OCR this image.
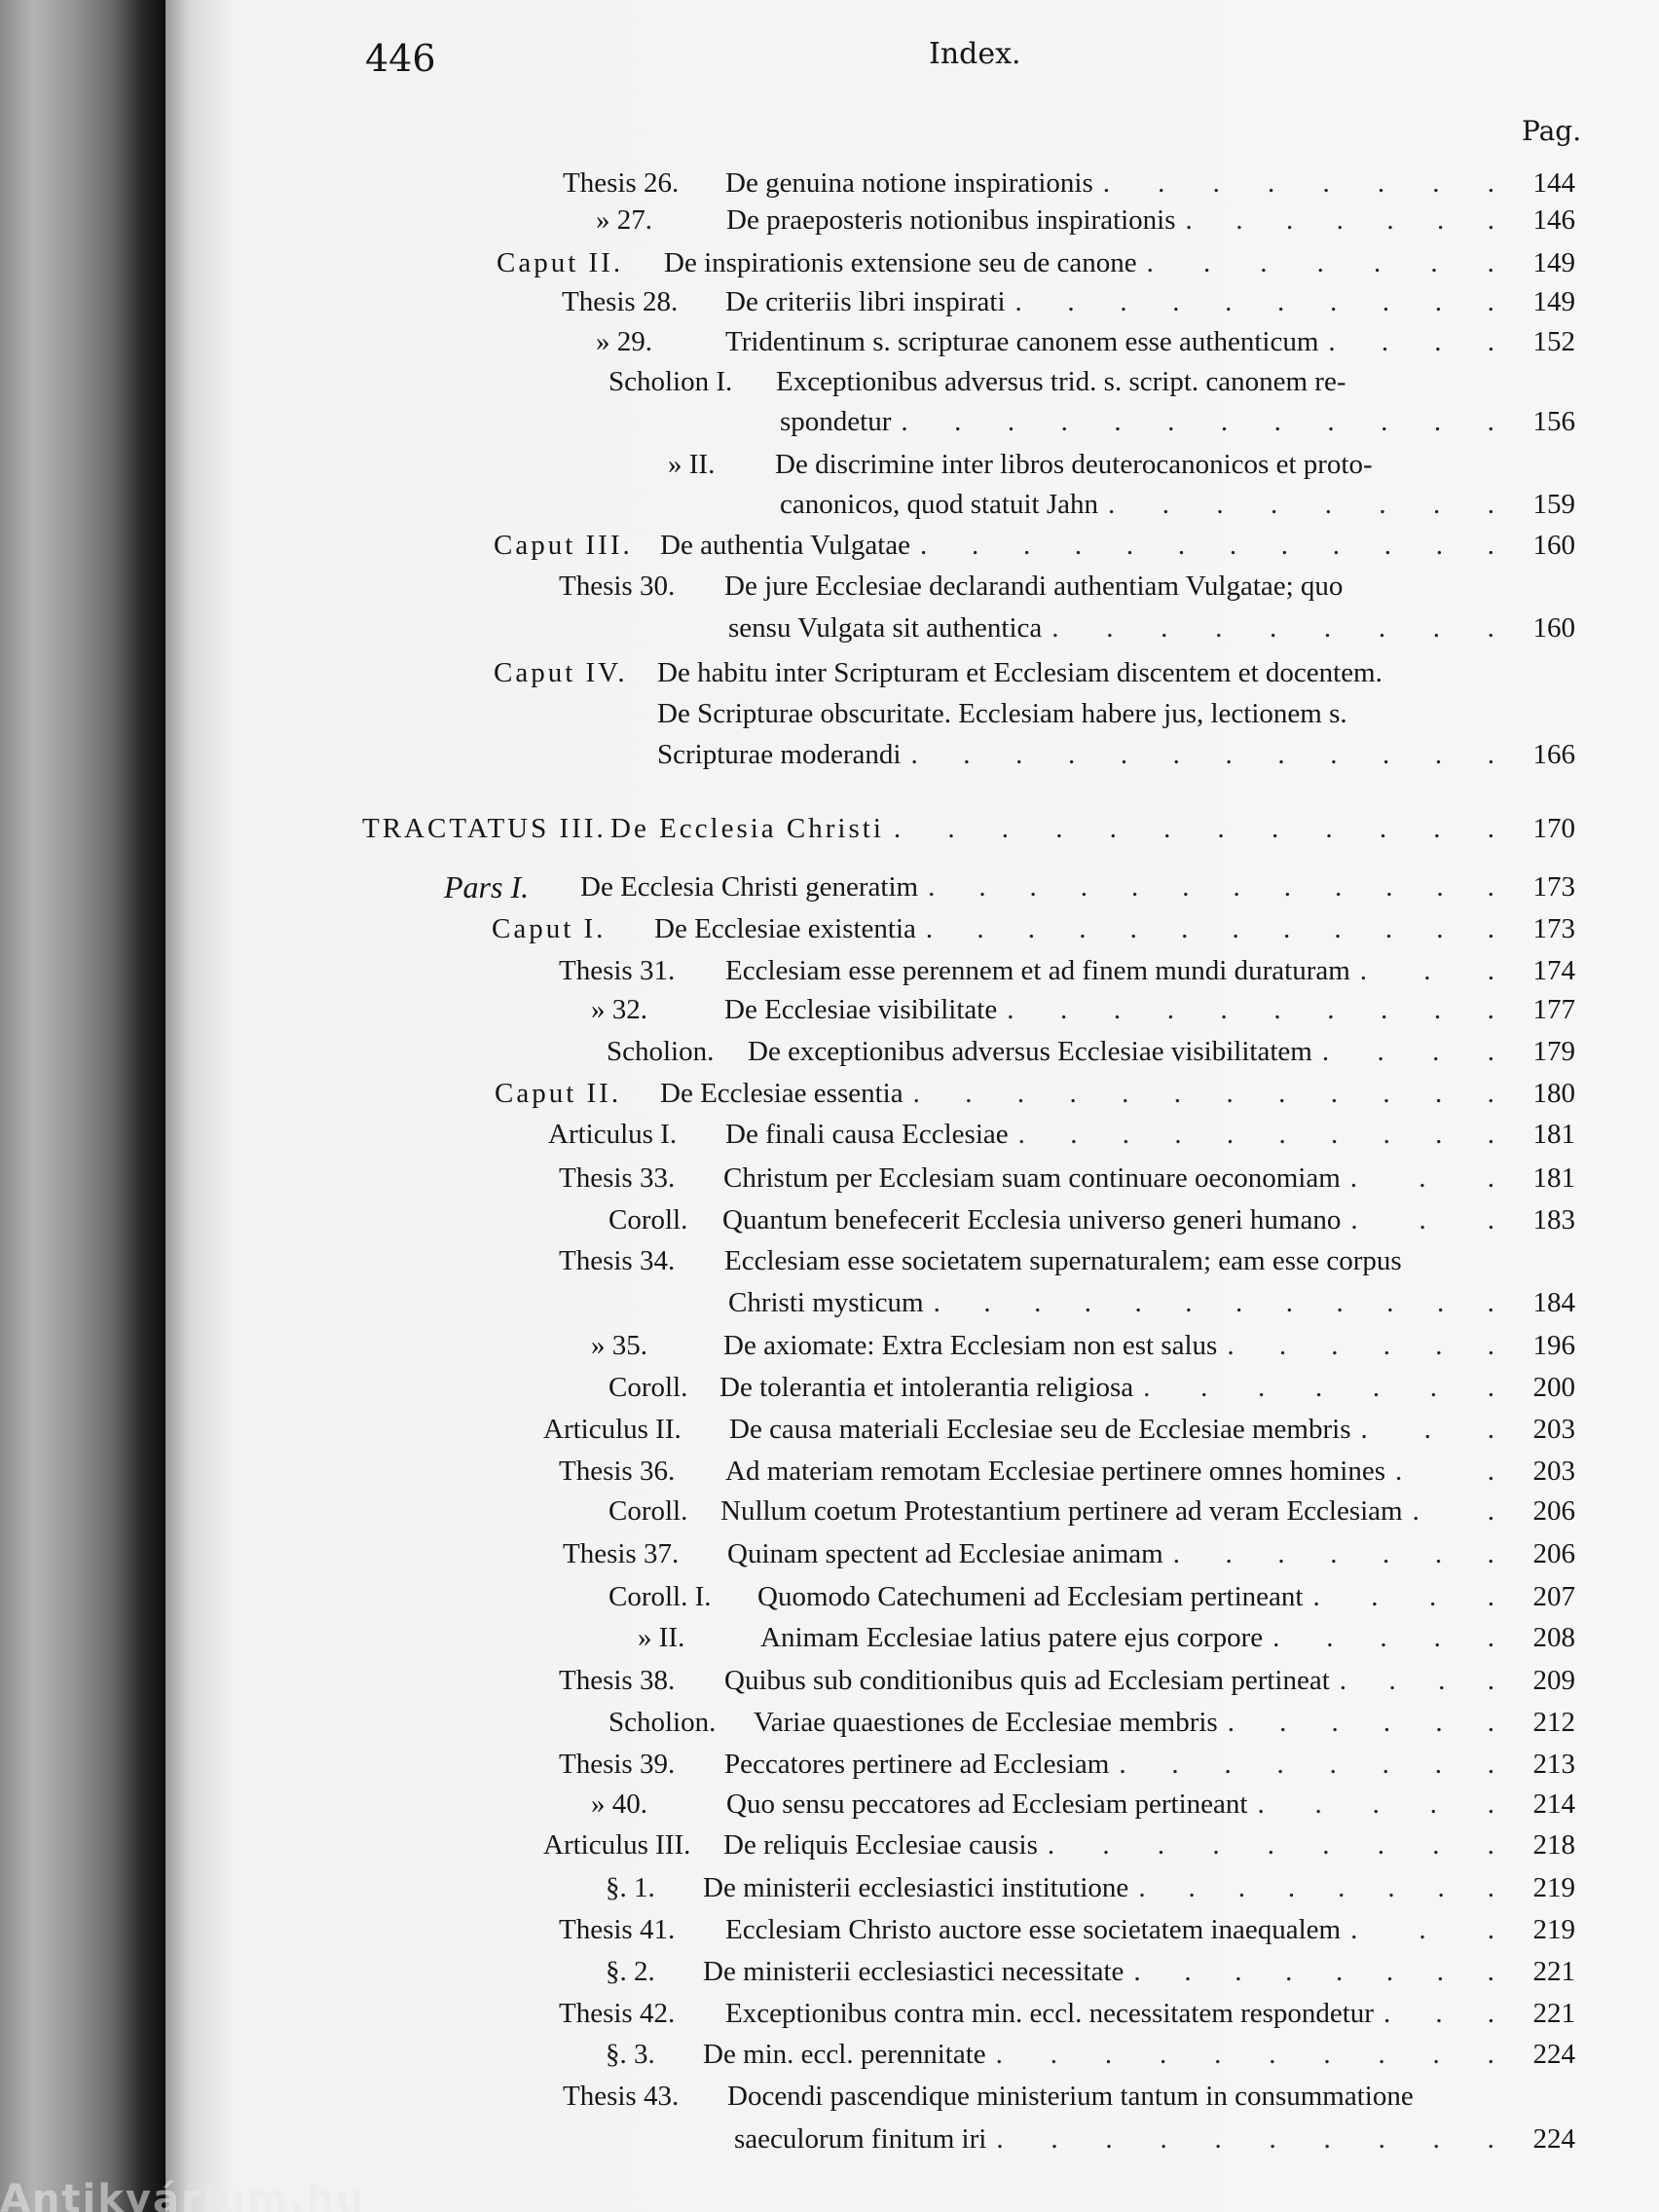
446	Index.
Pag.
Thesis 26. De genuina notione inspirationis . . . . . . . . 144
» 27.	De praeposteris notionibus inspirationis . . . . . . . 146
Caput II. De inspirationis extensione seu de canone . . . . . . . 149
Thesis 28. De criteriis libri inspirati . . . . . . . . . . 149
» 29.	Tridentinum s. scripturae canonem esse authenticum . . . . 152
Scholion I. Exceptionibus adversus trid. s. script. canonem re-
spondetur . . . . . . . . . . . . 156
» II. De discrimine inter libros deuterocanonicos et proto-
canonicos, quod statuit Jahn . . . . . . . . 159
Caput III. De authentia Vulgatae . . . . . . . . . . . . 160
Thesis 30. De jure Ecclesiae declarandi authentiam Vulgatae; quo
sensu Vulgata sit authentica . . . . . . . . . 160
Caput IV. De habitu inter Scripturam et Ecclesiam discentem et docentem.
De Scripturae obscuritate. Ecclesiam habere jus, lectionem s.
Scripturae moderandi . . . . . . . . . . . . 166
TRACTATUS III. De Ecclesia Christi . . . . . . . . . . . . 170
Pars I. De Ecclesia Christi generatim . . . . . . . . . . . . 173
Caput I. De Ecclesiae existentia . . . . . . . . . . . . 173
Thesis 31. Ecclesiam esse perennem et ad finem mundi duraturam . . . 174
» 32.	De Ecclesiae visibilitate . . . . . . . . . . 177
Scholion. De exceptionibus adversus Ecclesiae visibilitatem . . . . 179
Caput II. De Ecclesiae essentia . . . . . . . . . . . . 180
Articulus I. De finali causa Ecclesiae . . . . . . . . . . 181
Thesis 33. Christum per Ecclesiam suam continuare oeconomiam . . . 181
Coroll. Quantum benefecerit Ecclesia universo generi humano . . . 183
Thesis 34. Ecclesiam esse societatem supernaturalem; eam esse corpus
Christi mysticum . . . . . . . . . . . . 184
» 35.	De axiomate: Extra Ecclesiam non est salus . . . . . . 196
Coroll. De tolerantia et intolerantia religiosa . . . . . . . 200
Articulus II. De causa materiali Ecclesiae seu de Ecclesiae membris . . . 203
Thesis 36. Ad materiam remotam Ecclesiae pertinere omnes homines .	. 203
Coroll. Nullum coetum Protestantium pertinere ad veram Ecclesiam . . 206
Thesis 37. Quinam spectent ad Ecclesiae animam . . . . . . . 206
Coroll. I. Quomodo Catechumeni ad Ecclesiam pertineant . . . . 207
» II.	Animam Ecclesiae latius patere ejus corpore . . . . . 208
Thesis 38. Quibus sub conditionibus quis ad Ecclesiam pertineat . . . . 209
Scholion. Variae quaestiones de Ecclesiae membris . . . . . . 212
Thesis 39. Peccatores pertinere ad Ecclesiam . . . . . . . . 213
» 40.	Quo sensu peccatores ad Ecclesiam pertineant . . . . . 214
Articulus III. De reliquis Ecclesiae causis . . . . . . . . . 218
§. 1. De ministerii ecclesiastici institutione . . . . . . . . 219
Thesis 41. Ecclesiam Christo auctore esse societatem inaequalem . . . 219
§. 2. De ministerii ecclesiastici necessitate . . . . . . . . 221
Thesis 42. Exceptionibus contra min. eccl. necessitatem respondetur . . . 221
§. 3. De min. eccl. perennitate . . . . . . . . . . 224
Thesis 43. Docendi pascendique ministerium tantum in consummatione
saeculorum finitum iri . . . . . . . . . . 224
Antikvárium.hu
